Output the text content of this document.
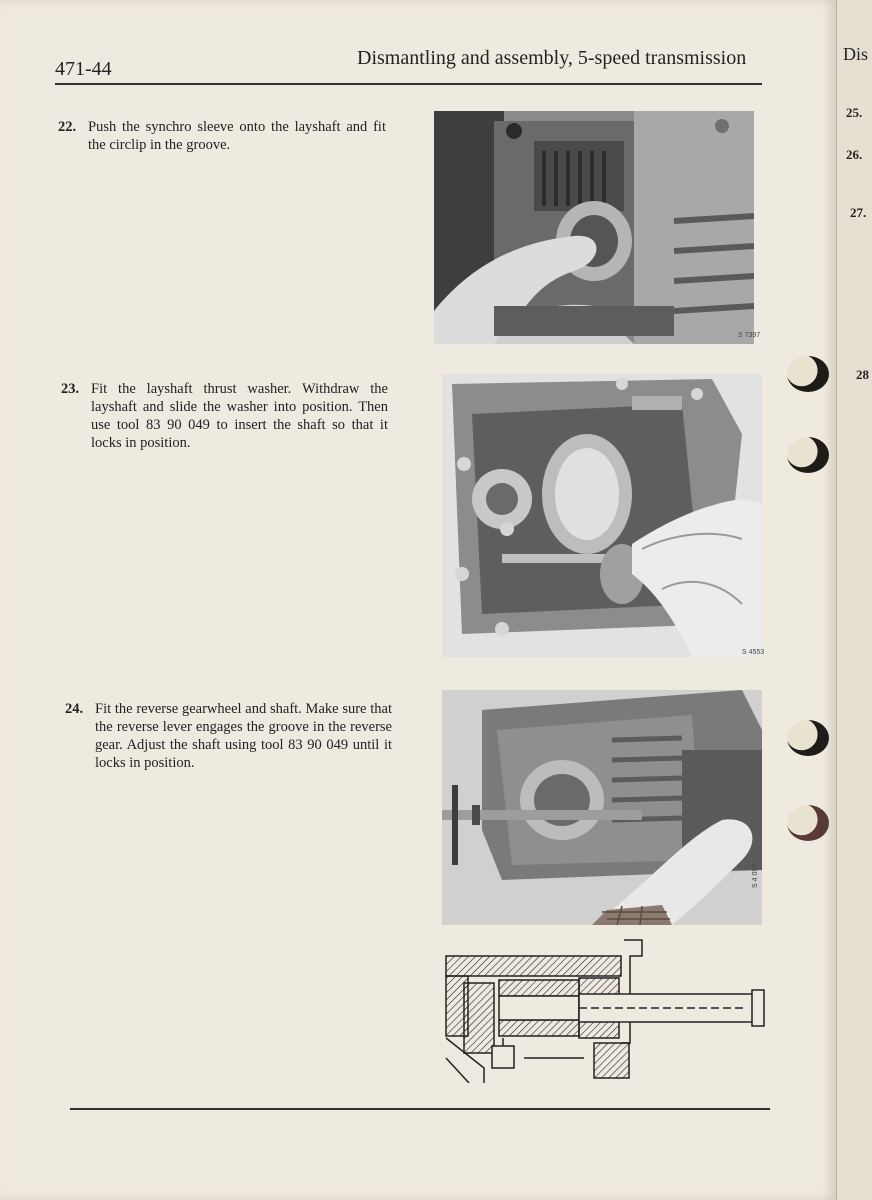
471-44	Dismantling and assembly, 5-speed transmission
22. Push the synchro sleeve onto the layshaft and fit the circlip in the groove.
23. Fit the layshaft thrust washer. Withdraw the layshaft and slide the washer into position. Then use tool 83 90 049 to insert the shaft so that it locks in position.
24. Fit the reverse gearwheel and shaft. Make sure that the reverse lever engages the groove in the reverse gear. Adjust the shaft using tool 83 90 049 until it locks in position.
S 7397
S 4553
S 4 097
Dis
25.
26.
27.
28
